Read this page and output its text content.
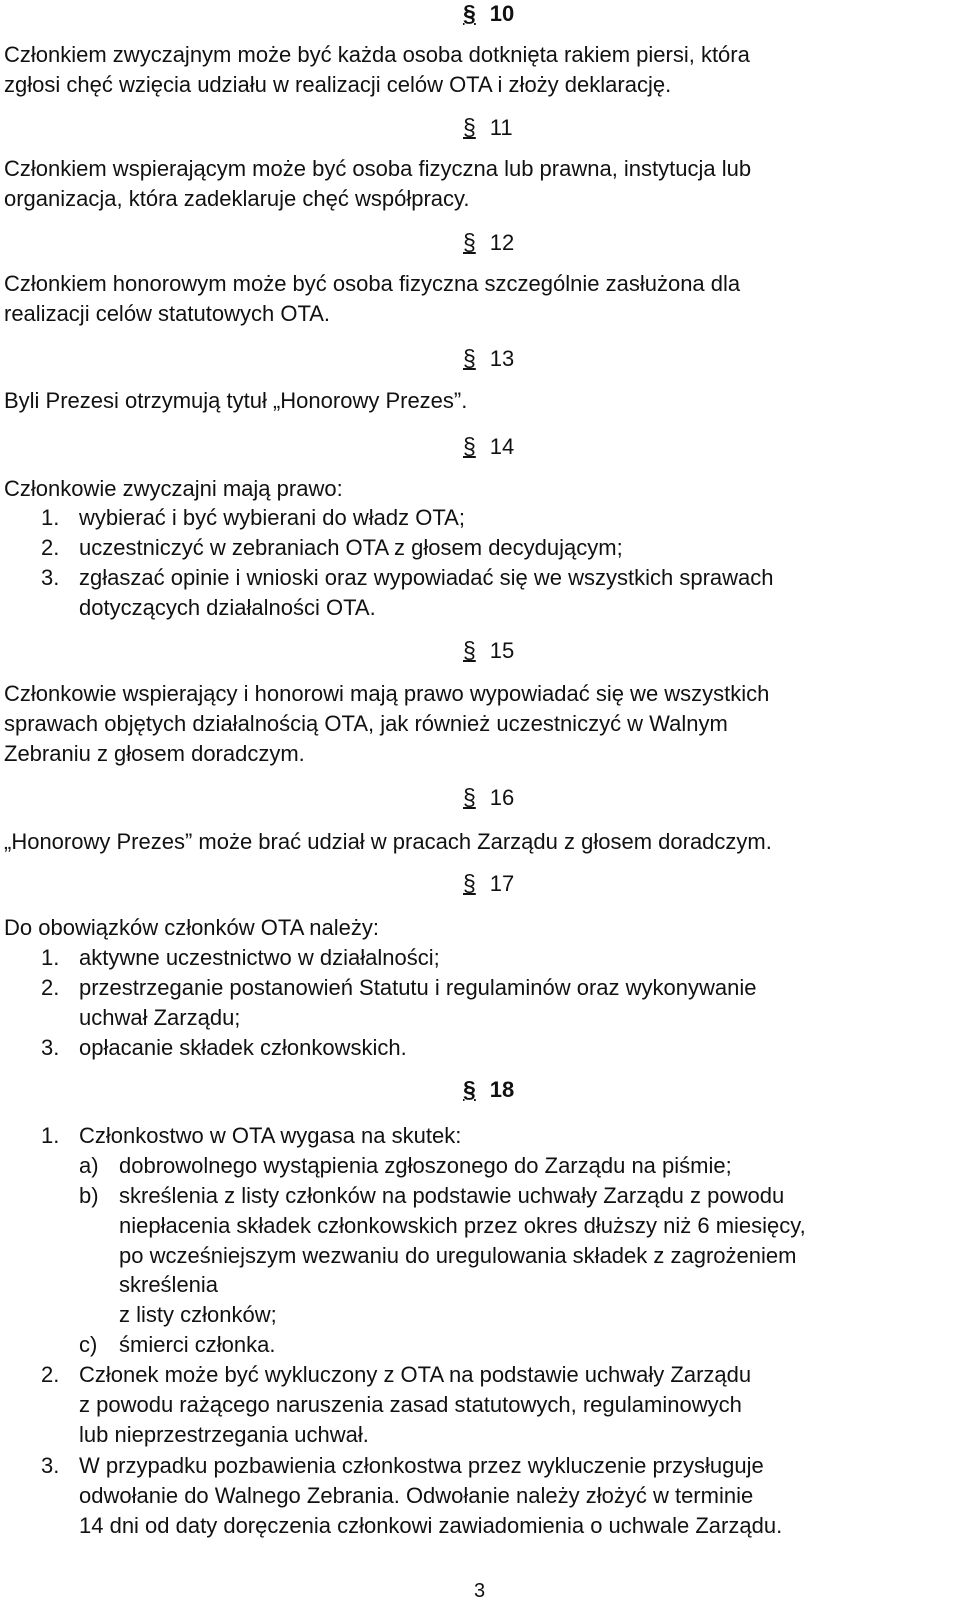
§ 10
Członkiem zwyczajnym może być każda osoba dotknięta rakiem piersi, która
zgłosi chęć wzięcia udziału w realizacji celów OTA i złoży deklarację.
§ 11
Członkiem wspierającym może być osoba fizyczna lub prawna, instytucja lub
organizacja, która zadeklaruje chęć współpracy.
§ 12
Członkiem honorowym może być osoba fizyczna szczególnie zasłużona dla
realizacji celów statutowych OTA.
§ 13
Byli Prezesi otrzymują tytuł „Honorowy Prezes”.
§ 14
Członkowie zwyczajni mają prawo:
1. wybierać i być wybierani do władz OTA;
2. uczestniczyć w zebraniach OTA z głosem decydującym;
3. zgłaszać opinie i wnioski oraz wypowiadać się we wszystkich sprawach
dotyczących działalności OTA.
§ 15
Członkowie wspierający i honorowi mają prawo wypowiadać się we wszystkich
sprawach objętych działalnością OTA, jak również uczestniczyć w Walnym
Zebraniu z głosem doradczym.
§ 16
„Honorowy Prezes” może brać udział w pracach Zarządu z głosem doradczym.
§ 17
Do obowiązków członków OTA należy:
1. aktywne uczestnictwo w działalności;
2. przestrzeganie postanowień Statutu i regulaminów oraz wykonywanie
uchwał Zarządu;
3. opłacanie składek członkowskich.
§ 18
1. Członkostwo w OTA wygasa na skutek:
a) dobrowolnego wystąpienia zgłoszonego do Zarządu na piśmie;
b) skreślenia z listy członków na podstawie uchwały Zarządu z powodu
niepłacenia składek członkowskich przez okres dłuższy niż 6 miesięcy,
po wcześniejszym wezwaniu do uregulowania składek z zagrożeniem
skreślenia
z listy członków;
c) śmierci członka.
2. Członek może być wykluczony z OTA na podstawie uchwały Zarządu
z powodu rażącego naruszenia zasad statutowych, regulaminowych
lub nieprzestrzegania uchwał.
3. W przypadku pozbawienia członkostwa przez wykluczenie przysługuje
odwołanie do Walnego Zebrania. Odwołanie należy złożyć w terminie
14 dni od daty doręczenia członkowi zawiadomienia o uchwale Zarządu.
3
